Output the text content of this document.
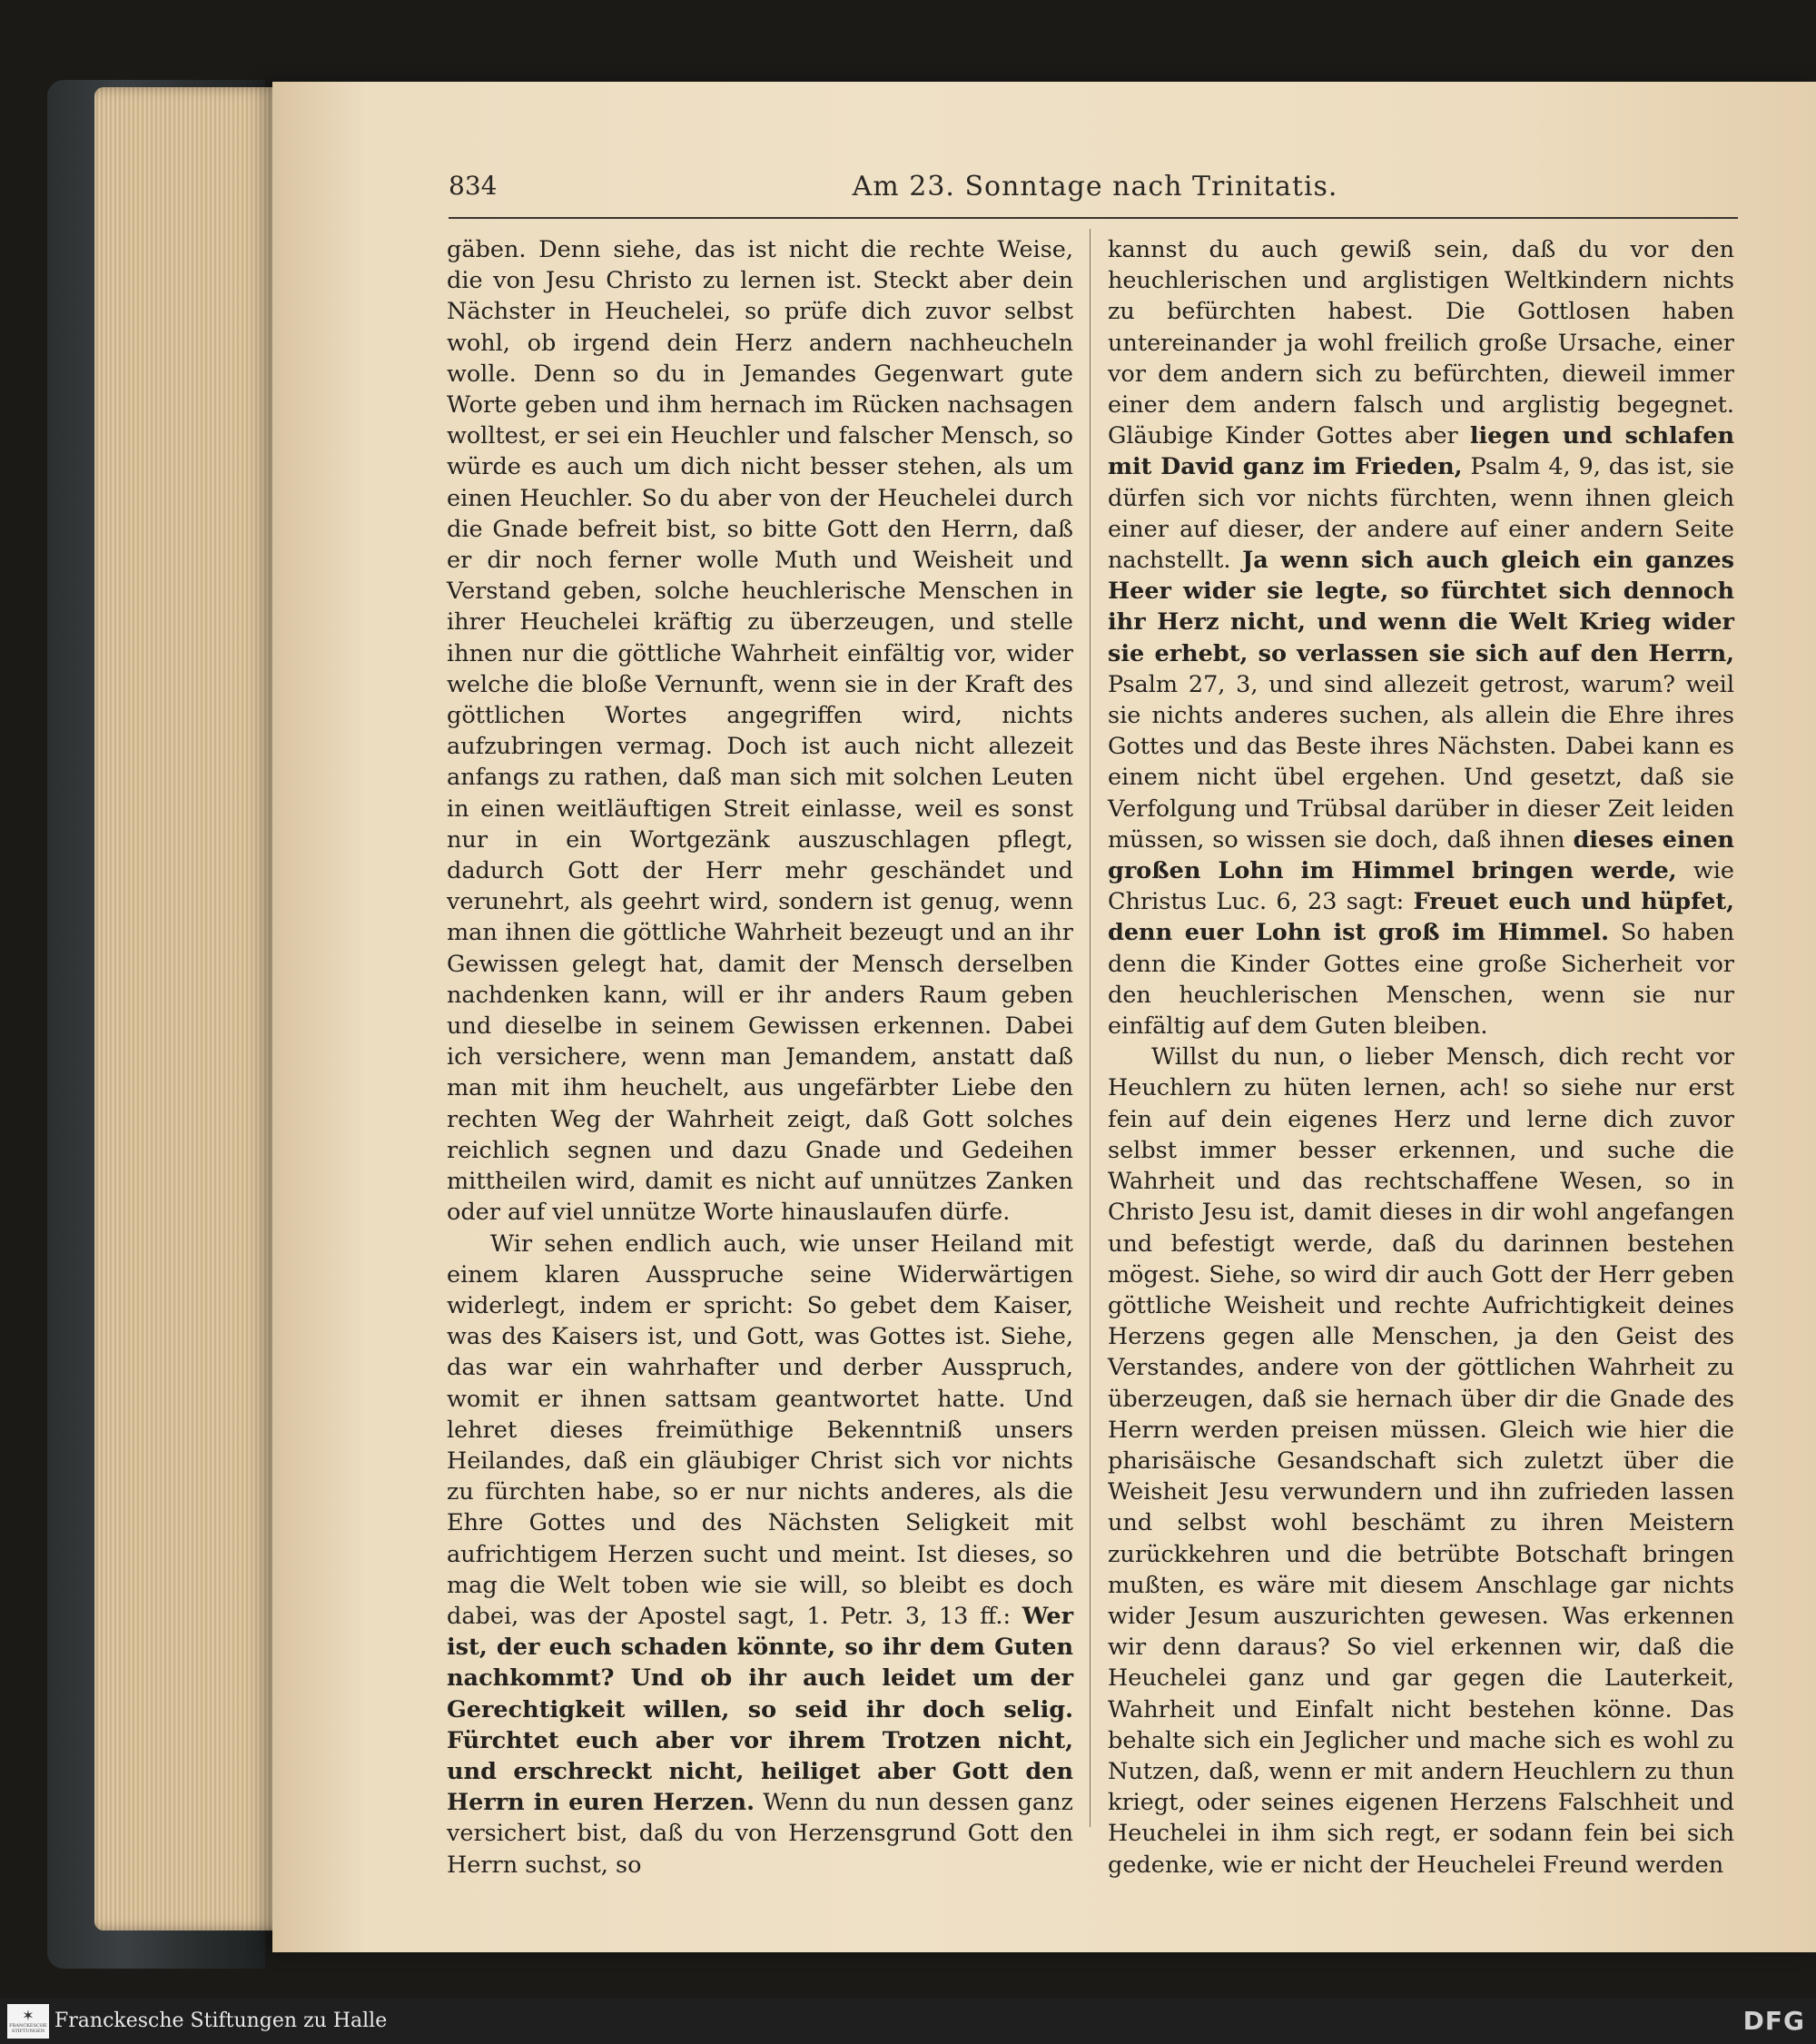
834	Am 23. Sonntage nach Trinitatis.

gäben. Denn siehe, das ist nicht die rechte Weise, die von Jesu Christo zu lernen ist. Steckt aber dein Nächster in Heuchelei, so prüfe dich zuvor selbst wohl, ob irgend dein Herz andern nachheucheln wolle. Denn so du in Jemandes Gegenwart gute Worte geben und ihm hernach im Rücken nachsagen wolltest, er sei ein Heuchler und falscher Mensch, so würde es auch um dich nicht besser stehen, als um einen Heuchler. So du aber von der Heuchelei durch die Gnade befreit bist, so bitte Gott den Herrn, daß er dir noch ferner wolle Muth und Weisheit und Verstand geben, solche heuchlerische Menschen in ihrer Heuchelei kräftig zu überzeugen, und stelle ihnen nur die göttliche Wahrheit einfältig vor, wider welche die bloße Vernunft, wenn sie in der Kraft des göttlichen Wortes angegriffen wird, nichts aufzubringen vermag. Doch ist auch nicht allezeit anfangs zu rathen, daß man sich mit solchen Leuten in einen weitläuftigen Streit einlasse, weil es sonst nur in ein Wortgezänk auszuschlagen pflegt, dadurch Gott der Herr mehr geschändet und verunehrt, als geehrt wird, sondern ist genug, wenn man ihnen die göttliche Wahrheit bezeugt und an ihr Gewissen gelegt hat, damit der Mensch derselben nachdenken kann, will er ihr anders Raum geben und dieselbe in seinem Gewissen erkennen. Dabei ich versichere, wenn man Jemandem, anstatt daß man mit ihm heuchelt, aus ungefärbter Liebe den rechten Weg der Wahrheit zeigt, daß Gott solches reichlich segnen und dazu Gnade und Gedeihen mittheilen wird, damit es nicht auf unnützes Zanken oder auf viel unnütze Worte hinauslaufen dürfe.

Wir sehen endlich auch, wie unser Heiland mit einem klaren Ausspruche seine Widerwärtigen widerlegt, indem er spricht: So gebet dem Kaiser, was des Kaisers ist, und Gott, was Gottes ist. Siehe, das war ein wahrhafter und derber Ausspruch, womit er ihnen sattsam geantwortet hatte. Und lehret dieses freimüthige Bekenntniß unsers Heilandes, daß ein gläubiger Christ sich vor nichts zu fürchten habe, so er nur nichts anderes, als die Ehre Gottes und des Nächsten Seligkeit mit aufrichtigem Herzen sucht und meint. Ist dieses, so mag die Welt toben wie sie will, so bleibt es doch dabei, was der Apostel sagt, 1. Petr. 3, 13 ff.: Wer ist, der euch schaden könnte, so ihr dem Guten nachkommt? Und ob ihr auch leidet um der Gerechtigkeit willen, so seid ihr doch selig. Fürchtet euch aber vor ihrem Trotzen nicht, und erschreckt nicht, heiliget aber Gott den Herrn in euren Herzen. Wenn du nun dessen ganz versichert bist, daß du von Herzensgrund Gott den Herrn suchst, so

kannst du auch gewiß sein, daß du vor den heuchlerischen und arglistigen Weltkindern nichts zu befürchten habest. Die Gottlosen haben untereinander ja wohl freilich große Ursache, einer vor dem andern sich zu befürchten, dieweil immer einer dem andern falsch und arglistig begegnet. Gläubige Kinder Gottes aber liegen und schlafen mit David ganz im Frieden, Psalm 4, 9, das ist, sie dürfen sich vor nichts fürchten, wenn ihnen gleich einer auf dieser, der andere auf einer andern Seite nachstellt. Ja wenn sich auch gleich ein ganzes Heer wider sie legte, so fürchtet sich dennoch ihr Herz nicht, und wenn die Welt Krieg wider sie erhebt, so verlassen sie sich auf den Herrn, Psalm 27, 3, und sind allezeit getrost, warum? weil sie nichts anderes suchen, als allein die Ehre ihres Gottes und das Beste ihres Nächsten. Dabei kann es einem nicht übel ergehen. Und gesetzt, daß sie Verfolgung und Trübsal darüber in dieser Zeit leiden müssen, so wissen sie doch, daß ihnen dieses einen großen Lohn im Himmel bringen werde, wie Christus Luc. 6, 23 sagt: Freuet euch und hüpfet, denn euer Lohn ist groß im Himmel. So haben denn die Kinder Gottes eine große Sicherheit vor den heuchlerischen Menschen, wenn sie nur einfältig auf dem Guten bleiben.

Willst du nun, o lieber Mensch, dich recht vor Heuchlern zu hüten lernen, ach! so siehe nur erst fein auf dein eigenes Herz und lerne dich zuvor selbst immer besser erkennen, und suche die Wahrheit und das rechtschaffene Wesen, so in Christo Jesu ist, damit dieses in dir wohl angefangen und befestigt werde, daß du darinnen bestehen mögest. Siehe, so wird dir auch Gott der Herr geben göttliche Weisheit und rechte Aufrichtigkeit deines Herzens gegen alle Menschen, ja den Geist des Verstandes, andere von der göttlichen Wahrheit zu überzeugen, daß sie hernach über dir die Gnade des Herrn werden preisen müssen. Gleich wie hier die pharisäische Gesandschaft sich zuletzt über die Weisheit Jesu verwundern und ihn zufrieden lassen und selbst wohl beschämt zu ihren Meistern zurückkehren und die betrübte Botschaft bringen mußten, es wäre mit diesem Anschlage gar nichts wider Jesum auszurichten gewesen. Was erkennen wir denn daraus? So viel erkennen wir, daß die Heuchelei ganz und gar gegen die Lauterkeit, Wahrheit und Einfalt nicht bestehen könne. Das behalte sich ein Jeglicher und mache sich es wohl zu Nutzen, daß, wenn er mit andern Heuchlern zu thun kriegt, oder seines eigenen Herzens Falschheit und Heuchelei in ihm sich regt, er sodann fein bei sich gedenke, wie er nicht der Heuchelei Freund werden

✶
FRANCKESCHE STIFTUNGEN Franckesche Stiftungen zu Halle	DFG
